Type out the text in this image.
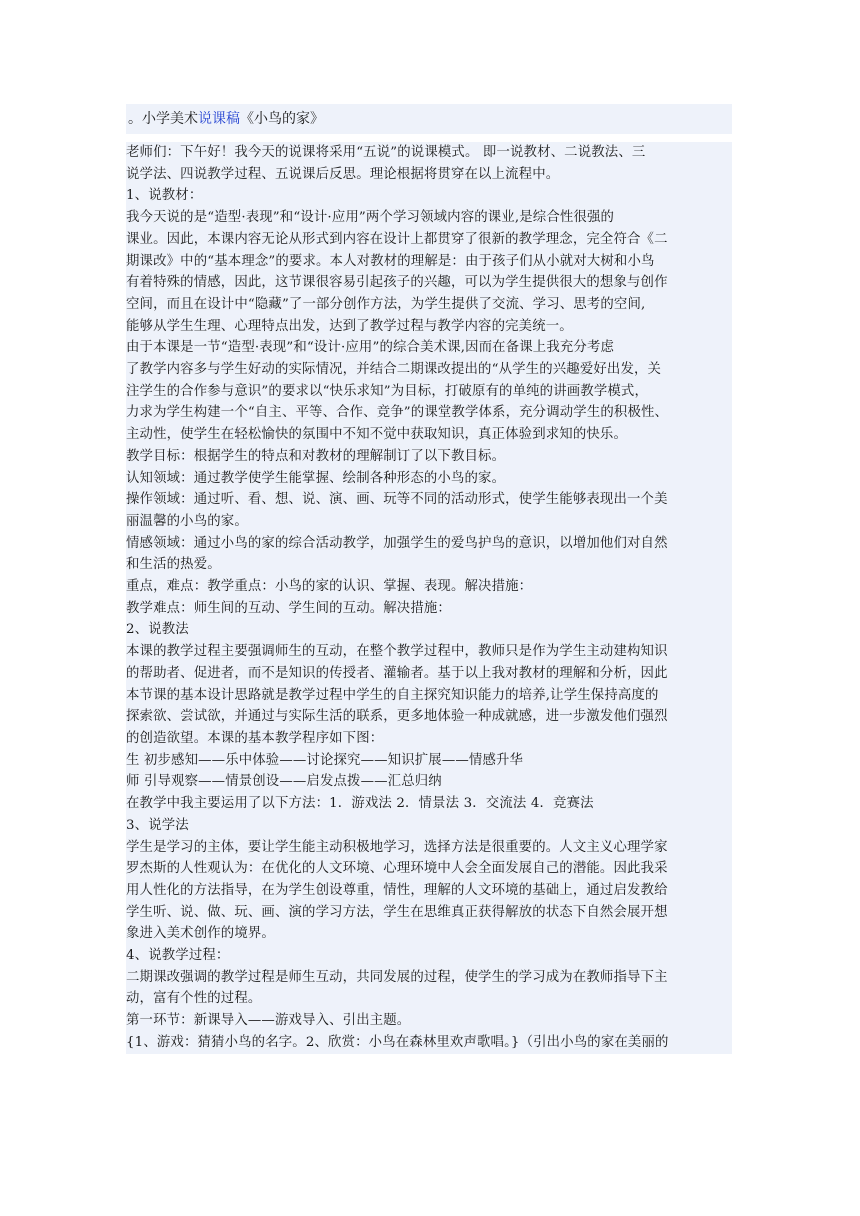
。小学美术说课稿《小鸟的家》
老师们：下午好！我今天的说课将采用“五说”的说课模式。 即一说教材、二说教法、三
说学法、四说教学过程、五说课后反思。理论根据将贯穿在以上流程中。
1、说教材：
我今天说的是“造型·表现”和“设计·应用”两个学习领域内容的课业,是综合性很强的
课业。因此，本课内容无论从形式到内容在设计上都贯穿了很新的教学理念，完全符合《二
期课改》中的“基本理念”的要求。本人对教材的理解是：由于孩子们从小就对大树和小鸟
有着特殊的情感，因此，这节课很容易引起孩子的兴趣，可以为学生提供很大的想象与创作
空间，而且在设计中“隐藏”了一部分创作方法，为学生提供了交流、学习、思考的空间,
能够从学生生理、心理特点出发，达到了教学过程与教学内容的完美统一。
由于本课是一节“造型·表现”和“设计·应用”的综合美术课,因而在备课上我充分考虑
了教学内容多与学生好动的实际情况，并结合二期课改提出的“从学生的兴趣爱好出发，关
注学生的合作参与意识”的要求以“快乐求知”为目标，打破原有的单纯的讲画教学模式，
力求为学生构建一个“自主、平等、合作、竞争”的课堂教学体系，充分调动学生的积极性、
主动性，使学生在轻松愉快的氛围中不知不觉中获取知识，真正体验到求知的快乐。
教学目标：根据学生的特点和对教材的理解制订了以下教目标。
认知领域：通过教学使学生能掌握、绘制各种形态的小鸟的家。
操作领域：通过听、看、想、说、演、画、玩等不同的活动形式，使学生能够表现出一个美
丽温馨的小鸟的家。
情感领域：通过小鸟的家的综合活动教学，加强学生的爱鸟护鸟的意识，以增加他们对自然
和生活的热爱。
重点，难点：教学重点：小鸟的家的认识、掌握、表现。解决措施：
教学难点：师生间的互动、学生间的互动。解决措施：
2、说教法
本课的教学过程主要强调师生的互动，在整个教学过程中，教师只是作为学生主动建构知识
的帮助者、促进者，而不是知识的传授者、灌输者。基于以上我对教材的理解和分析，因此
本节课的基本设计思路就是教学过程中学生的自主探究知识能力的培养,让学生保持高度的
探索欲、尝试欲，并通过与实际生活的联系，更多地体验一种成就感，进一步激发他们强烈
的创造欲望。本课的基本教学程序如下图：
生 初步感知——乐中体验——讨论探究——知识扩展——情感升华
师 引导观察——情景创设——启发点拨——汇总归纳
在教学中我主要运用了以下方法：1．游戏法 2．情景法 3．交流法 4．竞赛法
3、说学法
学生是学习的主体，要让学生能主动积极地学习，选择方法是很重要的。人文主义心理学家
罗杰斯的人性观认为：在优化的人文环境、心理环境中人会全面发展自己的潜能。因此我采
用人性化的方法指导，在为学生创设尊重，情性，理解的人文环境的基础上，通过启发教给
学生听、说、做、玩、画、演的学习方法，学生在思维真正获得解放的状态下自然会展开想
象进入美术创作的境界。
4、说教学过程：
二期课改强调的教学过程是师生互动，共同发展的过程，使学生的学习成为在教师指导下主
动，富有个性的过程。
第一环节：新课导入——游戏导入、引出主题。
{1、游戏：猜猜小鸟的名字。2、欣赏：小鸟在森林里欢声歌唱。}（引出小鸟的家在美丽的
